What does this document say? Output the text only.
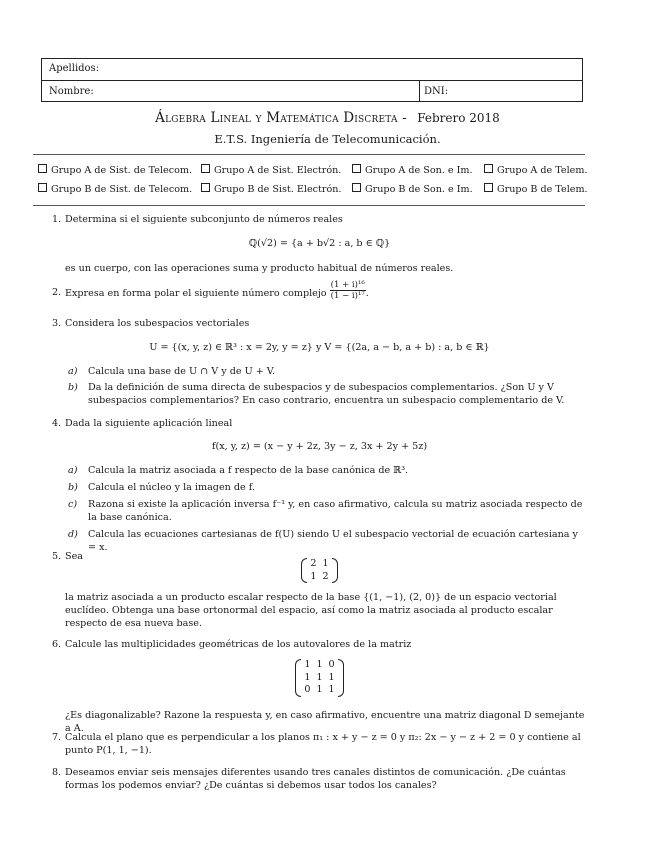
Apellidos:
Nombre:	DNI:
Álgebra Lineal y Matemática Discreta - Febrero 2018
E.T.S. Ingeniería de Telecomunicación.
Grupo A de Sist. de Telecom.	Grupo A de Sist. Electrón.	Grupo A de Son. e Im.	Grupo A de Telem.
Grupo B de Sist. de Telecom.	Grupo B de Sist. Electrón.	Grupo B de Son. e Im.	Grupo B de Telem.
1. Determina si el siguiente subconjunto de números reales
ℚ(√2) = {a + b√2 : a, b ∈ ℚ}
es un cuerpo, con las operaciones suma y producto habitual de números reales.
2. Expresa en forma polar el siguiente número complejo $\frac{\text{(1 + i)¹⁶}}{\text{(1 − i)¹⁷}}$ .
3. Considera los subespacios vectoriales
U = {(x, y, z) ∈ ℝ³ : x = 2y, y = z} y V = {(2a, a − b, a + b) : a, b ∈ ℝ}
a) Calcula una base de U ∩ V y de U + V.
b) Da la definición de suma directa de subespacios y de subespacios complementarios. ¿Son U y V subespacios complementarios? En caso contrario, encuentra un subespacio complementario de V.
4. Dada la siguiente aplicación lineal
f(x, y, z) = (x − y + 2z, 3y − z, 3x + 2y + 5z)
a) Calcula la matriz asociada a f respecto de la base canónica de ℝ³.
b) Calcula el núcleo y la imagen de f.
c) Razona si existe la aplicación inversa f⁻¹ y, en caso afirmativo, calcula su matriz asociada respecto de la base canónica.
d) Calcula las ecuaciones cartesianas de f(U) siendo U el subespacio vectorial de ecuación cartesiana y = x.
5. Sea
2	1
1	2
la matriz asociada a un producto escalar respecto de la base {(1, −1), (2, 0)} de un espacio vectorial euclídeo. Obtenga una base ortonormal del espacio, así como la matriz asociada al producto escalar respecto de esa nueva base.
6. Calcule las multiplicidades geométricas de los autovalores de la matriz
1	1	0
1	1	1
0	1	1
¿Es diagonalizable? Razone la respuesta y, en caso afirmativo, encuentre una matriz diagonal D semejante a A.
7. Calcula el plano que es perpendicular a los planos π₁ : x + y − z = 0 y π₂: 2x − y − z + 2 = 0 y contiene al punto P(1, 1, −1).
8. Deseamos enviar seis mensajes diferentes usando tres canales distintos de comunicación. ¿De cuántas formas los podemos enviar? ¿De cuántas si debemos usar todos los canales?
